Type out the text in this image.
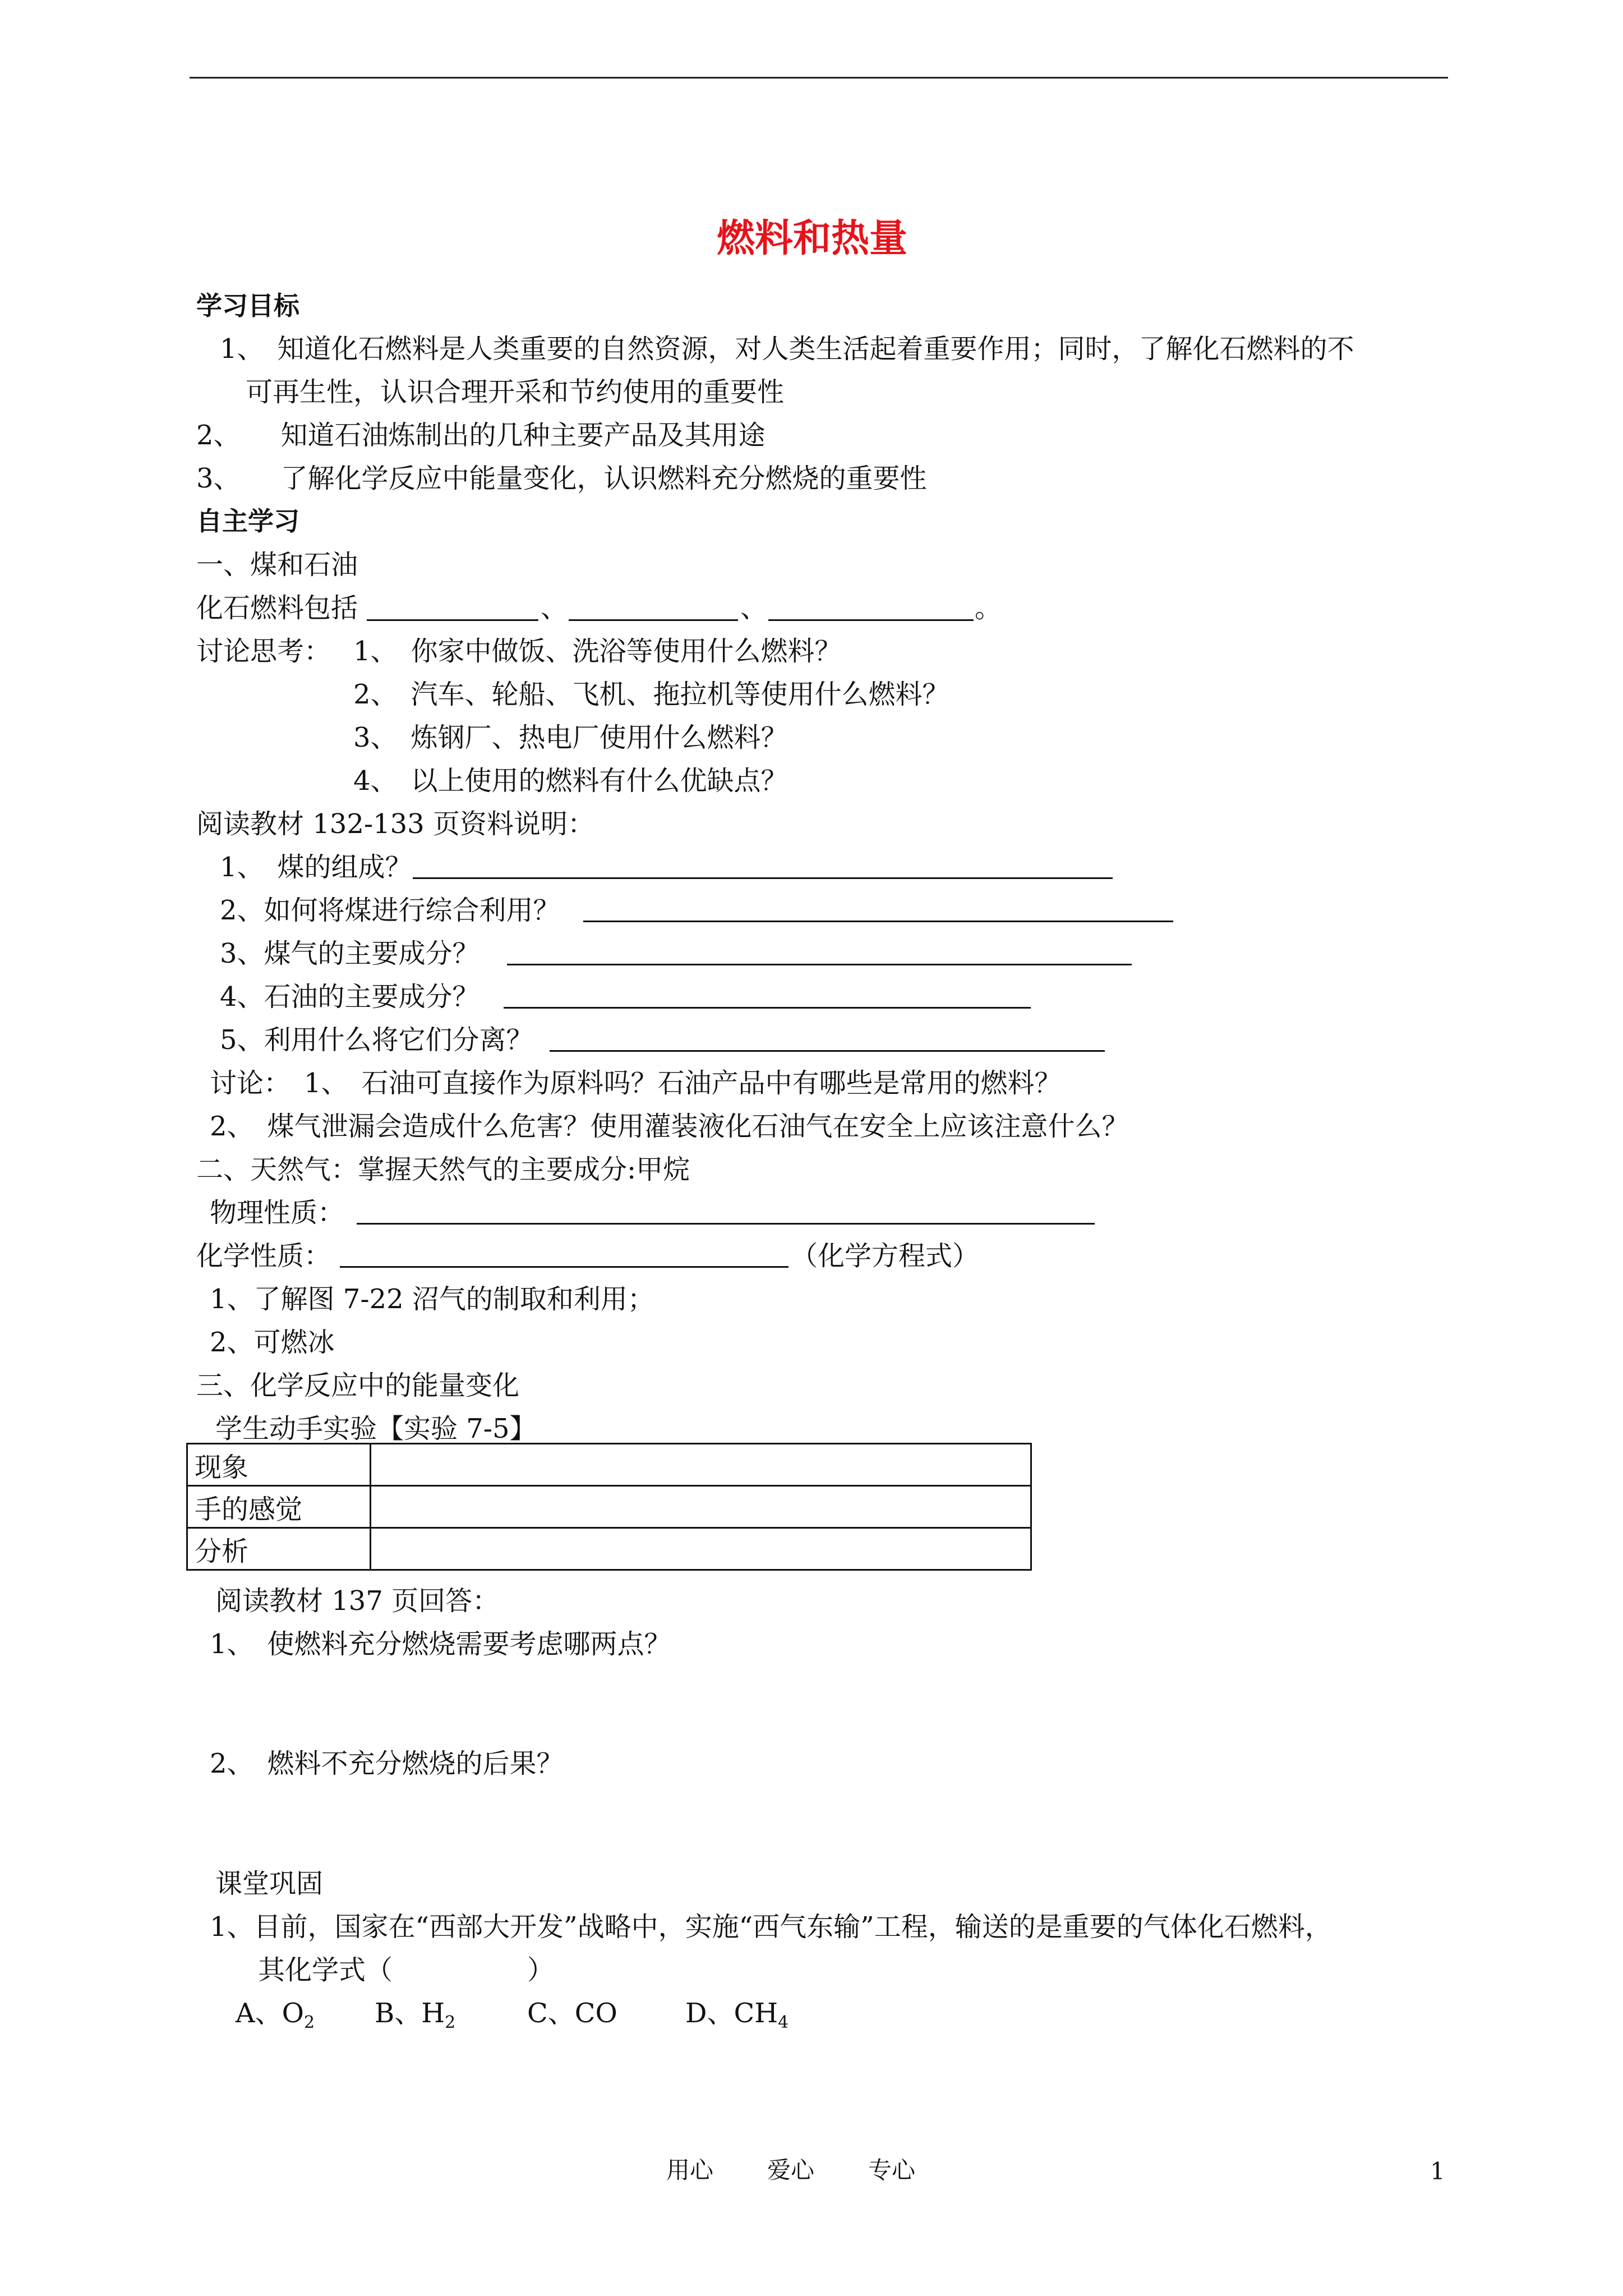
燃料和热量
学习目标
1、　知道化石燃料是人类重要的自然资源，对人类生活起着重要作用；同时，了解化石燃料的不
可再生性，认识合理开采和节约使用的重要性
2、　　知道石油炼制出的几种主要产品及其用途
3、　　了解化学反应中能量变化，认识燃料充分燃烧的重要性
自主学习
一、煤和石油
化石燃料包括	、	、	。
讨论思考： 1、　你家中做饭、洗浴等使用什么燃料？
2、　汽车、轮船、飞机、拖拉机等使用什么燃料？
3、　炼钢厂、热电厂使用什么燃料？
4、　以上使用的燃料有什么优缺点？
阅读教材 132-133 页资料说明：
1、　煤的组成？
2、如何将煤进行综合利用？
3、煤气的主要成分？
4、石油的主要成分？
5、利用什么将它们分离？
讨论：　1、　石油可直接作为原料吗？石油产品中有哪些是常用的燃料？
2、　煤气泄漏会造成什么危害？使用灌装液化石油气在安全上应该注意什么？
二、天然气：掌握天然气的主要成分:甲烷
物理性质：
化学性质：	（化学方程式）
1、了解图 7-22 沼气的制取和利用；
2、可燃冰
三、化学反应中的能量变化
学生动手实验【实验 7-5】
现象	
手的感觉	
分析	
阅读教材 137 页回答：
1、　使燃料充分燃烧需要考虑哪两点？
2、　燃料不充分燃烧的后果？
课堂巩固
1、目前，国家在“西部大开发”战略中，实施“西气东输”工程，输送的是重要的气体化石燃料，
其化学式（　　　　　）
A、$O_2$ B、$H_2$	C、CO	D、$CH_4$
用心 爱心 专心	1
